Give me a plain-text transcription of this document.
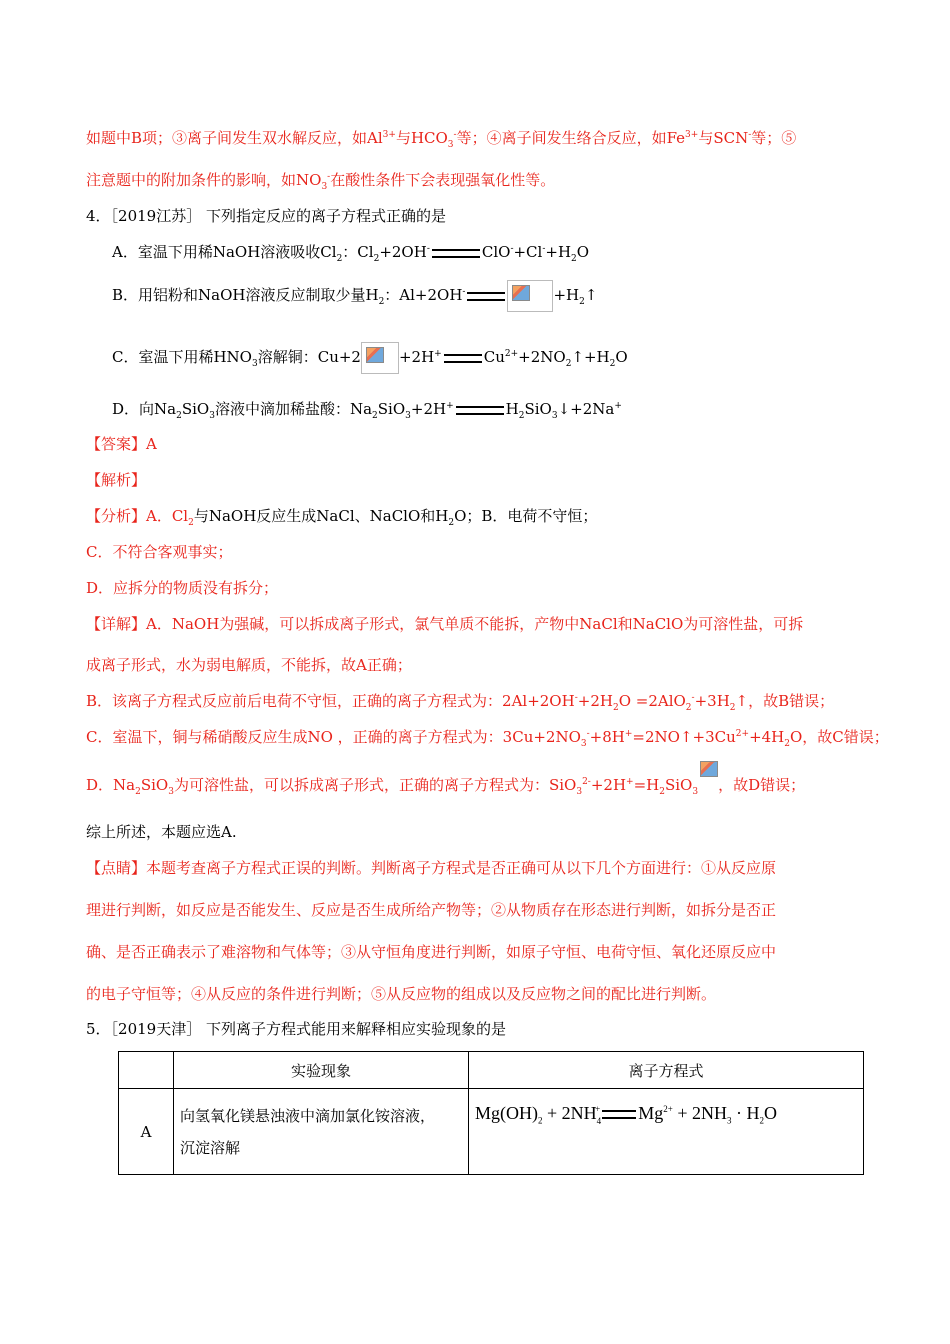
如题中B项；③离子间发生双水解反应，如$Al^{3+}$与$HCO_3^-$等；④离子间发生络合反应，如$Fe^{3+}$与SCN-等；⑤
注意题中的附加条件的影响，如$NO_3^-$在酸性条件下会表现强氧化性等。
4．［2019江苏］ 下列指定反应的离子方程式正确的是
A．室温下用稀NaOH溶液吸收$Cl_2$：$Cl_2+2OH^-$	$ClO^-+Cl^-+H_2O$
B．用铝粉和NaOH溶液反应制取少量$H_2$：Al+2OH-	$+H_2↑$
C．室温下用稀$HNO_3$溶解铜：Cu+2	+2H+	$Cu^{2+}+2NO_2↑+H_2O$
D．向$Na_2SiO_3$溶液中滴加稀盐酸：$Na_2SiO_3+2H^+$	$H_2SiO_3↓+2Na^+$
【答案】A
【解析】
【分析】A．$Cl_2$与NaOH反应生成NaCl、NaClO和$H_2O$；B．电荷不守恒；
C．不符合客观事实；
D．应拆分的物质没有拆分；
【详解】A．NaOH为强碱，可以拆成离子形式，氯气单质不能拆，产物中NaCl和NaClO为可溶性盐，可拆
成离子形式，水为弱电解质，不能拆，故A正确；
B．该离子方程式反应前后电荷不守恒，正确的离子方程式为：$2Al+2OH^-+2H_2O$ $=2AlO_2^-+3H_2↑$，故B错误；
C．室温下，铜与稀硝酸反应生成NO ，正确的离子方程式为：$3Cu+2NO_3^-+8H^+=2NO↑+3Cu^{2+}+4H_2O$，故C错误；
D．$Na_2SiO_3$为可溶性盐，可以拆成离子形式，正确的离子方程式为：$SiO_3^{2-}+2H^+=H_2SiO_3$ ，故D错误；
综上所述，本题应选A.
【点睛】本题考查离子方程式正误的判断。判断离子方程式是否正确可从以下几个方面进行：①从反应原
理进行判断，如反应是否能发生、反应是否生成所给产物等；②从物质存在形态进行判断，如拆分是否正
确、是否正确表示了难溶物和气体等；③从守恒角度进行判断，如原子守恒、电荷守恒、氧化还原反应中
的电子守恒等；④从反应的条件进行判断；⑤从反应物的组成以及反应物之间的配比进行判断。
5．［2019天津］ 下列离子方程式能用来解释相应实验现象的是
	实验现象	离子方程式
A	向氢氧化镁悬浊液中滴加氯化铵溶液，
沉淀溶解	$Mg(OH)_2 + 2NH_4^+$ $Mg^{2+} + 2NH_3 \cdot H_2O$
